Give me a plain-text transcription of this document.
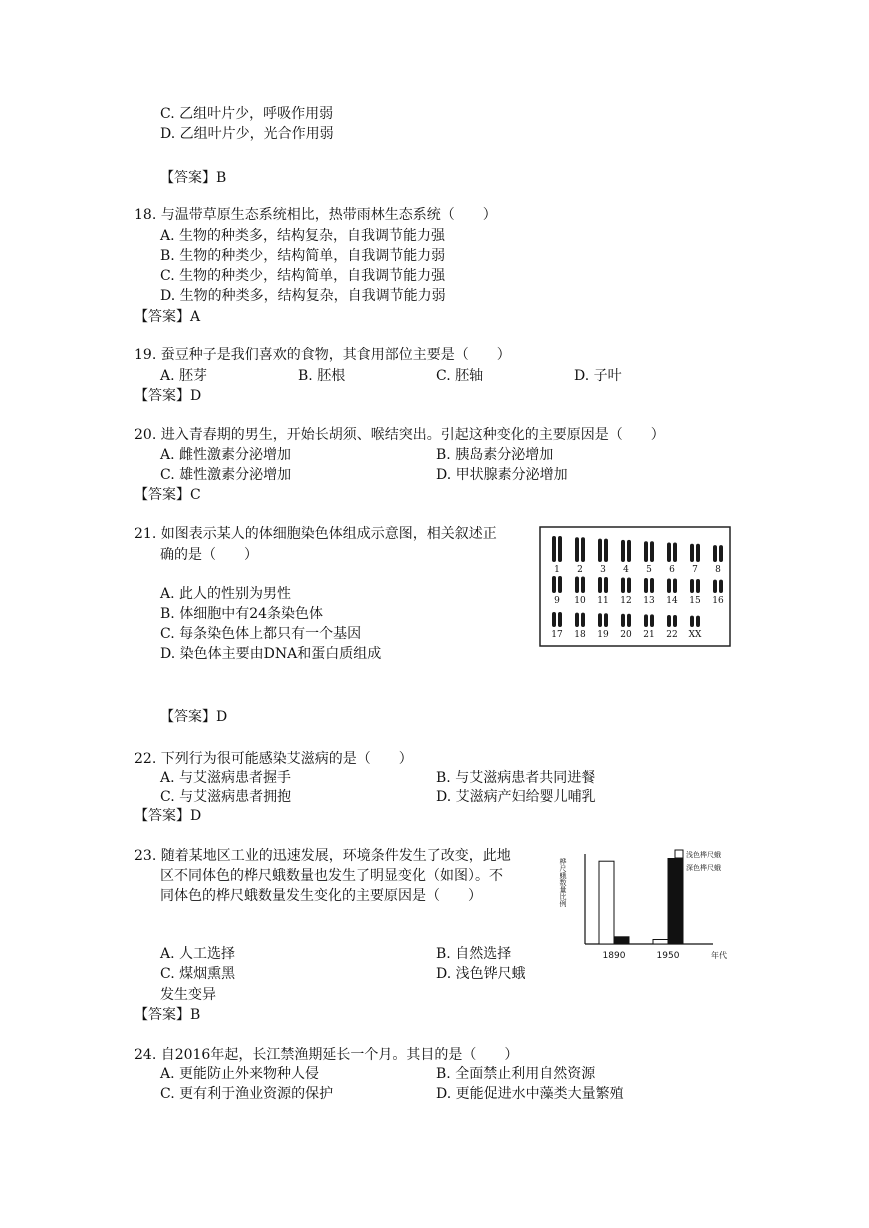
C. 乙组叶片少，呼吸作用弱
D. 乙组叶片少，光合作用弱
【答案】B
18. 与温带草原生态系统相比，热带雨林生态系统（　　）
A. 生物的种类多，结构复杂，自我调节能力强
B. 生物的种类少，结构简单，自我调节能力弱
C. 生物的种类少，结构简单，自我调节能力强
D. 生物的种类多，结构复杂，自我调节能力弱
【答案】A
19. 蚕豆种子是我们喜欢的食物，其食用部位主要是（　　）
A. 胚芽	B. 胚根	C. 胚轴	D. 子叶
【答案】D
20. 进入青春期的男生，开始长胡须、喉结突出。引起这种变化的主要原因是（　　）
A. 雌性激素分泌增加	B. 胰岛素分泌增加
C. 雄性激素分泌增加	D. 甲状腺素分泌增加
【答案】C
21. 如图表示某人的体细胞染色体组成示意图，相关叙述正
确的是（　　）
A. 此人的性别为男性
B. 体细胞中有24条染色体
C. 每条染色体上都只有一个基因
D. 染色体主要由DNA和蛋白质组成
【答案】D
1 2 3 4 5 6 7 8
9 10 11 12 13 14 15 16
17 18 19 20 21 22 XX
22. 下列行为很可能感染艾滋病的是（　　）
A. 与艾滋病患者握手	B. 与艾滋病患者共同进餐
C. 与艾滋病患者拥抱	D. 艾滋病产妇给婴儿哺乳
【答案】D
23. 随着某地区工业的迅速发展，环境条件发生了改变，此地
区不同体色的桦尺蛾数量也发生了明显变化（如图）。不
同体色的桦尺蛾数量发生变化的主要原因是（　　）
A. 人工选择	B. 自然选择
C. 煤烟熏黑	D. 浅色铧尺蛾
发生变异
【答案】B
桦尺蛾数量比例
1890	1950	年代
浅色桦尺蛾
深色桦尺蛾
24. 自2016年起，长江禁渔期延长一个月。其目的是（　　）
A. 更能防止外来物种人侵	B. 全面禁止利用自然资源
C. 更有利于渔业资源的保护	D. 更能促进水中藻类大量繁殖
